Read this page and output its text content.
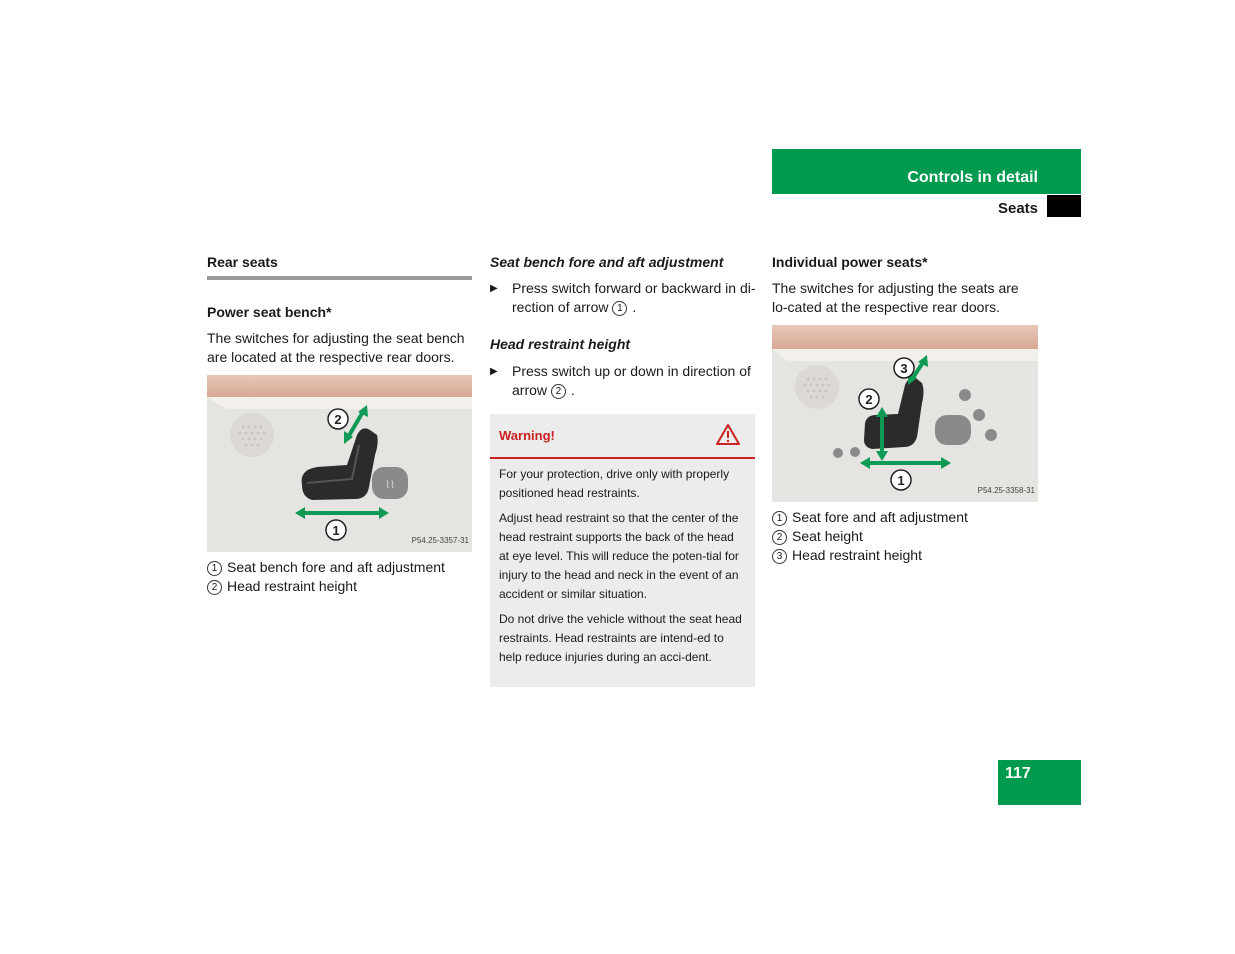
Controls in detail
Seats
Rear seats
Power seat bench*

The switches for adjusting the seat bench are located at the respective rear doors.

⌇⌇
2
1
P54.25-3357-31
1 Seat bench fore and aft adjustment
2 Head restraint height
Seat bench fore and aft adjustment
▶	Press switch forward or backward in di-
rection of arrow 1 .
Head restraint height
▶	Press switch up or down in direction of
arrow 2 .
Warning!

For your protection, drive only with properly positioned head restraints.

Adjust head restraint so that the center of the head restraint supports the back of the head at eye level. This will reduce the poten-tial for injury to the head and neck in the event of an accident or similar situation.

Do not drive the vehicle without the seat head restraints. Head restraints are intend-ed to help reduce injuries during an acci-dent.

Individual power seats*

The switches for adjusting the seats are lo-cated at the respective rear doors.

3
2
1
P54.25-3358-31
1 Seat fore and aft adjustment
2 Seat height
3 Head restraint height
117
